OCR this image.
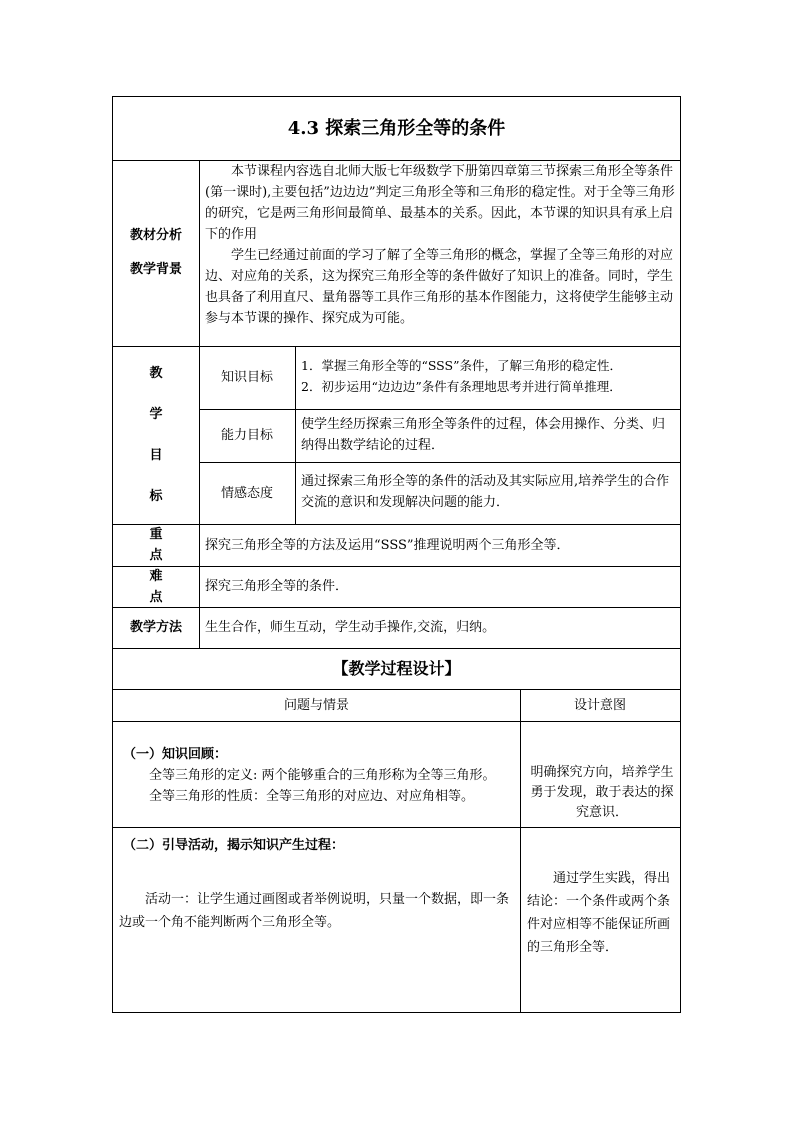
4.3 探索三角形全等的条件
教材分析
教学背景

本节课程内容选自北师大版七年级数学下册第四章第三节探索三角形全等条件(第一课时),主要包括”边边边”判定三角形全等和三角形的稳定性。对于全等三角形的研究，它是两三角形间最简单、最基本的关系。因此，本节课的知识具有承上启下的作用

学生已经通过前面的学习了解了全等三角形的概念，掌握了全等三角形的对应边、对应角的关系，这为探究三角形全等的条件做好了知识上的准备。同时，学生也具备了利用直尺、量角器等工具作三角形的基本作图能力，这将使学生能够主动参与本节课的操作、探究成为可能。

教
学
目
标
知识目标

1．掌握三角形全等的“SSS”条件，了解三角形的稳定性．

2．初步运用“边边边”条件有条理地思考并进行简单推理．

能力目标
使学生经历探索三角形全等条件的过程，体会用操作、分类、归纳得出数学结论的过程．
情感态度
通过探索三角形全等的条件的活动及其实际应用,培养学生的合作交流的意识和发现解决问题的能力．
重点
探究三角形全等的方法及运用“SSS”推理说明两个三角形全等．
难点
探究三角形全等的条件．
教学方法	生生合作，师生互动，学生动手操作,交流，归纳。
【教学过程设计】
问题与情景	设计意图

（一）知识回顾：

全等三角形的定义: 两个能够重合的三角形称为全等三角形。

全等三角形的性质：全等三角形的对应边、对应角相等。

明确探究方向，培养学生勇于发现，敢于表达的探究意识．
（二）引导活动，揭示知识产生过程：

活动一：让学生通过画图或者举例说明，只量一个数据，即一条边或一个角不能判断两个三角形全等。

通过学生实践，得出结论：一个条件或两个条件对应相等不能保证所画的三角形全等．
